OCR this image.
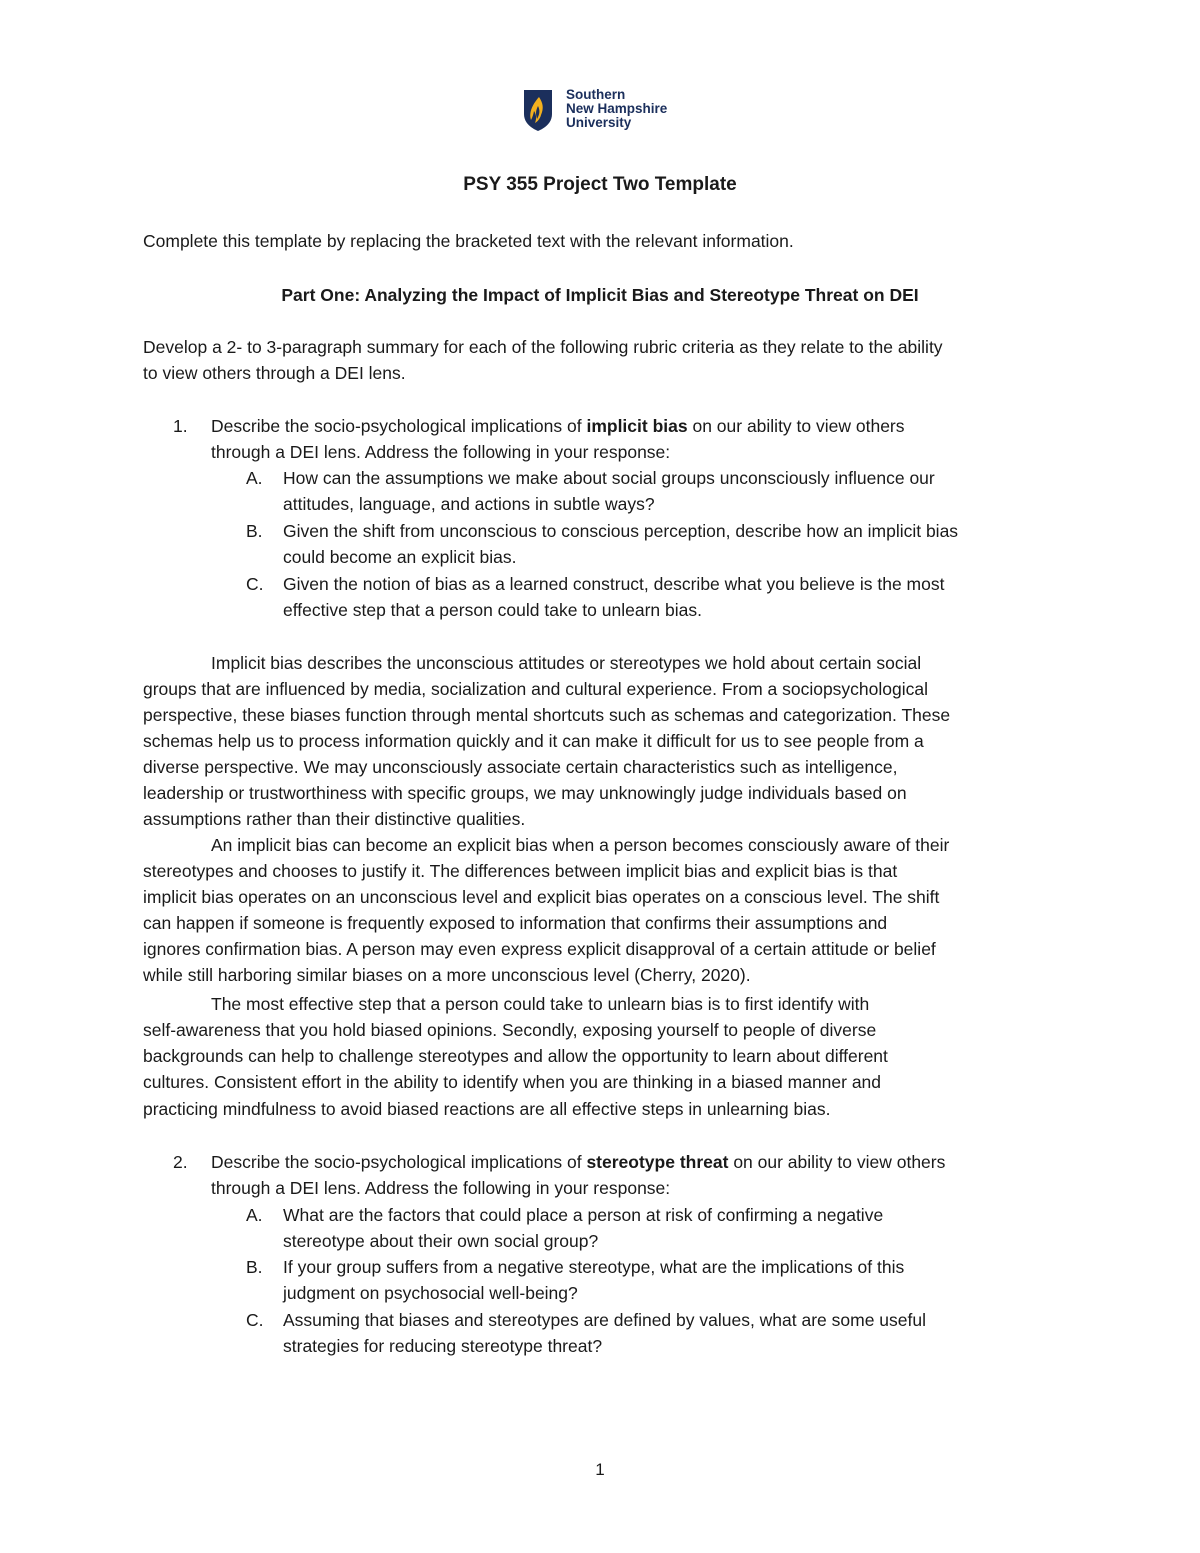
Southern
New Hampshire
University
PSY 355 Project Two Template
Complete this template by replacing the bracketed text with the relevant information.
Part One: Analyzing the Impact of Implicit Bias and Stereotype Threat on DEI
Develop a 2- to 3-paragraph summary for each of the following rubric criteria as they relate to the ability
to view others through a DEI lens.
1. Describe the socio-psychological implications of implicit bias on our ability to view others
through a DEI lens. Address the following in your response:
A. How can the assumptions we make about social groups unconsciously influence our
attitudes, language, and actions in subtle ways?
B. Given the shift from unconscious to conscious perception, describe how an implicit bias
could become an explicit bias.
C. Given the notion of bias as a learned construct, describe what you believe is the most
effective step that a person could take to unlearn bias.
Implicit bias describes the unconscious attitudes or stereotypes we hold about certain social
groups that are influenced by media, socialization and cultural experience. From a sociopsychological
perspective, these biases function through mental shortcuts such as schemas and categorization. These
schemas help us to process information quickly and it can make it difficult for us to see people from a
diverse perspective. We may unconsciously associate certain characteristics such as intelligence,
leadership or trustworthiness with specific groups, we may unknowingly judge individuals based on
assumptions rather than their distinctive qualities.
An implicit bias can become an explicit bias when a person becomes consciously aware of their
stereotypes and chooses to justify it. The differences between implicit bias and explicit bias is that
implicit bias operates on an unconscious level and explicit bias operates on a conscious level. The shift
can happen if someone is frequently exposed to information that confirms their assumptions and
ignores confirmation bias. A person may even express explicit disapproval of a certain attitude or belief
while still harboring similar biases on a more unconscious level (Cherry, 2020).
The most effective step that a person could take to unlearn bias is to first identify with
self-awareness that you hold biased opinions. Secondly, exposing yourself to people of diverse
backgrounds can help to challenge stereotypes and allow the opportunity to learn about different
cultures. Consistent effort in the ability to identify when you are thinking in a biased manner and
practicing mindfulness to avoid biased reactions are all effective steps in unlearning bias.
2. Describe the socio-psychological implications of stereotype threat on our ability to view others
through a DEI lens. Address the following in your response:
A. What are the factors that could place a person at risk of confirming a negative
stereotype about their own social group?
B. If your group suffers from a negative stereotype, what are the implications of this
judgment on psychosocial well-being?
C. Assuming that biases and stereotypes are defined by values, what are some useful
strategies for reducing stereotype threat?
1
